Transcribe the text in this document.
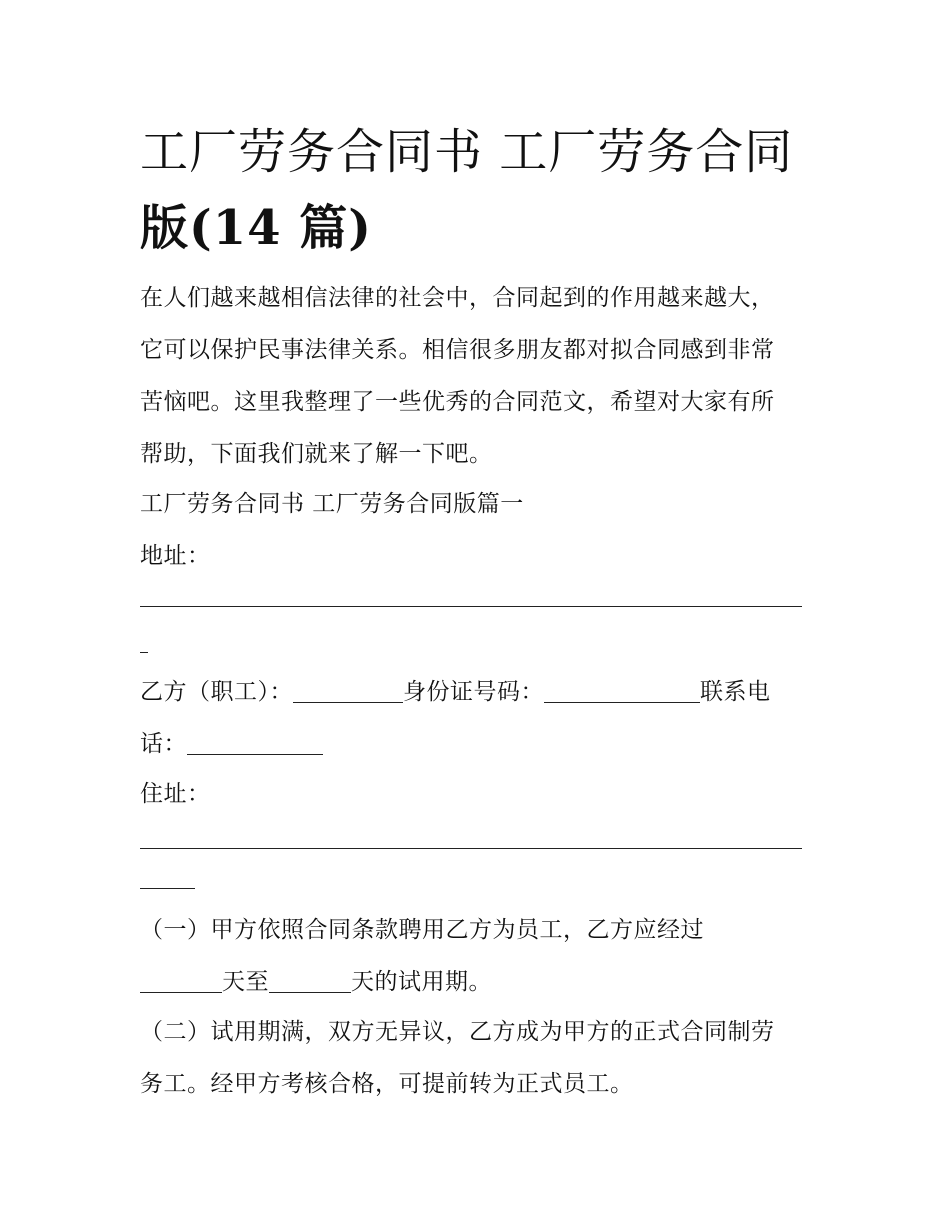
工厂劳务合同书 工厂劳务合同
版(14 篇)
在人们越来越相信法律的社会中，合同起到的作用越来越大，
它可以保护民事法律关系。相信很多朋友都对拟合同感到非常
苦恼吧。这里我整理了一些优秀的合同范文，希望对大家有所
帮助，下面我们就来了解一下吧。
工厂劳务合同书 工厂劳务合同版篇一
地址：
乙方（职工）：	身份证号码：	联系电
话：
住址：
（一）甲方依照合同条款聘用乙方为员工，乙方应经过
天至	天的试用期。
（二）试用期满，双方无异议，乙方成为甲方的正式合同制劳
务工。经甲方考核合格，可提前转为正式员工。
